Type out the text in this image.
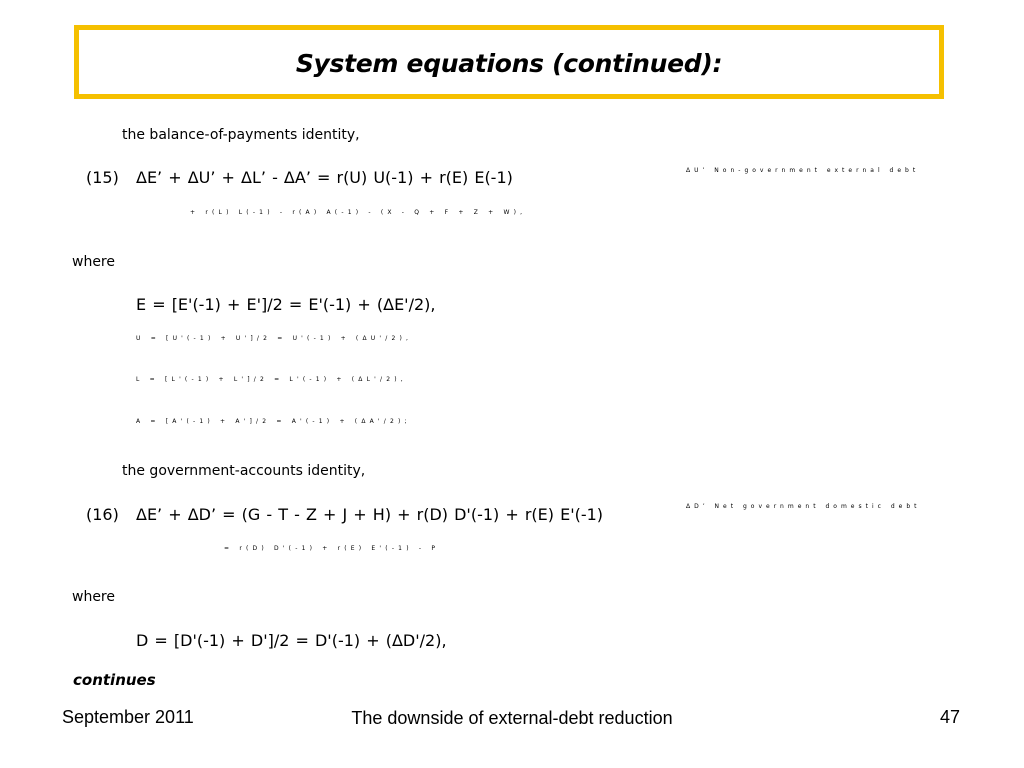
System equations (continued):
the balance-of-payments identity,
(15) ΔE’ + ΔU’ + ΔL’ - ΔA’ = r(U) U(-1) + r(E) E(-1)	ΔU’ Non-government external debt
+ r(L) L(-1) - r(A) A(-1) - (X - Q + F + Z + W),
where
E = [E'(-1) + E']/2 = E'(-1) + (ΔE'/2),
U = [U'(-1) + U']/2 = U'(-1) + (ΔU'/2),
L = [L'(-1) + L']/2 = L'(-1) + (ΔL'/2),
A = [A'(-1) + A']/2 = A'(-1) + (ΔA'/2);
the government-accounts identity,
(16) ΔE’ + ΔD’ = (G - T - Z + J + H) + r(D) D'(-1) + r(E) E'(-1)	ΔD’ Net government domestic debt
= r(D) D'(-1) + r(E) E'(-1) - P
where
D = [D'(-1) + D']/2 = D'(-1) + (ΔD'/2),
continues
September 2011	The downside of external-debt reduction	47
